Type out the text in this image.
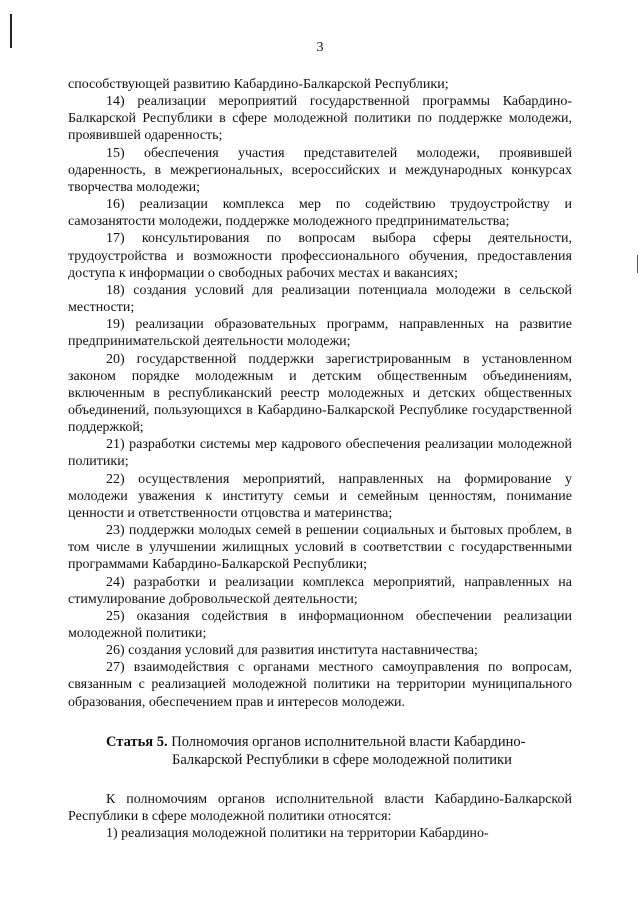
3

способствующей развитию Кабардино-Балкарской Республики;

14) реализации мероприятий государственной программы Кабардино-Балкарской Республики в сфере молодежной политики по поддержке молодежи, проявившей одаренность;

15) обеспечения участия представителей молодежи, проявившей одаренность, в межрегиональных, всероссийских и международных конкурсах творчества молодежи;

16) реализации комплекса мер по содействию трудоустройству и самозанятости молодежи, поддержке молодежного предпринимательства;

17) консультирования по вопросам выбора сферы деятельности, трудоустройства и возможности профессионального обучения, предоставления доступа к информации о свободных рабочих местах и вакансиях;

18) создания условий для реализации потенциала молодежи в сельской местности;

19) реализации образовательных программ, направленных на развитие предпринимательской деятельности молодежи;

20) государственной поддержки зарегистрированным в установленном законом порядке молодежным и детским общественным объединениям, включенным в республиканский реестр молодежных и детских общественных объединений, пользующихся в Кабардино-Балкарской Республике государственной поддержкой;

21) разработки системы мер кадрового обеспечения реализации молодежной политики;

22) осуществления мероприятий, направленных на формирование у молодежи уважения к институту семьи и семейным ценностям, понимание ценности и ответственности отцовства и материнства;

23) поддержки молодых семей в решении социальных и бытовых проблем, в том числе в улучшении жилищных условий в соответствии с государственными программами Кабардино-Балкарской Республики;

24) разработки и реализации комплекса мероприятий, направленных на стимулирование добровольческой деятельности;

25) оказания содействия в информационном обеспечении реализации молодежной политики;

26) создания условий для развития института наставничества;

27) взаимодействия с органами местного самоуправления по вопросам, связанным с реализацией молодежной политики на территории муниципального образования, обеспечением прав и интересов молодежи.

Статья 5. Полномочия органов исполнительной власти Кабардино-
Балкарской Республики в сфере молодежной политики

К полномочиям органов исполнительной власти Кабардино-Балкарской Республики в сфере молодежной политики относятся:

1) реализация молодежной политики на территории Кабардино-
